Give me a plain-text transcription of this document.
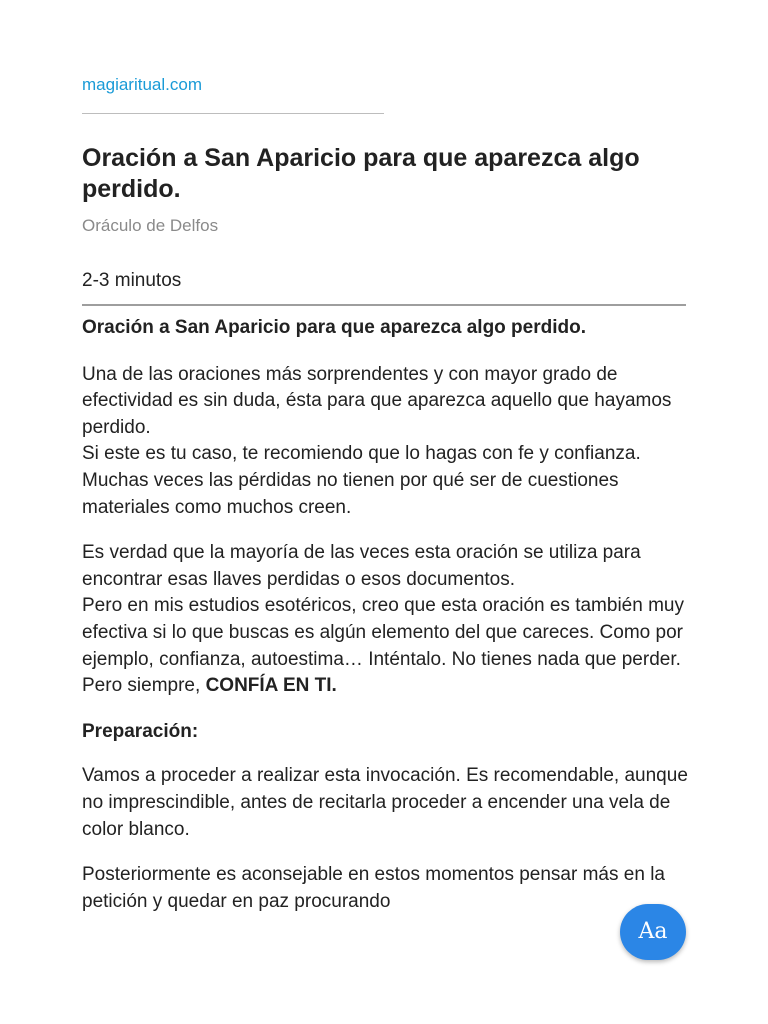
magiaritual.com
Oración a San Aparicio para que aparezca algo perdido.
Oráculo de Delfos
2-3 minutos

Oración a San Aparicio para que aparezca algo perdido.

Una de las oraciones más sorprendentes y con mayor grado de efectividad es sin duda, ésta para que aparezca aquello que hayamos perdido.
Si este es tu caso, te recomiendo que lo hagas con fe y confianza. Muchas veces las pérdidas no tienen por qué ser de cuestiones materiales como muchos creen.

Es verdad que la mayoría de las veces esta oración se utiliza para encontrar esas llaves perdidas o esos documentos.
Pero en mis estudios esotéricos, creo que esta oración es también muy efectiva si lo que buscas es algún elemento del que careces. Como por ejemplo, confianza, autoestima… Inténtalo. No tienes nada que perder. Pero siempre, CONFÍA EN TI.

Preparación:

Vamos a proceder a realizar esta invocación. Es recomendable, aunque no imprescindible, antes de recitarla proceder a encender una vela de color blanco.

Posteriormente es aconsejable en estos momentos pensar más en la petición y quedar en paz procurando

Aa
